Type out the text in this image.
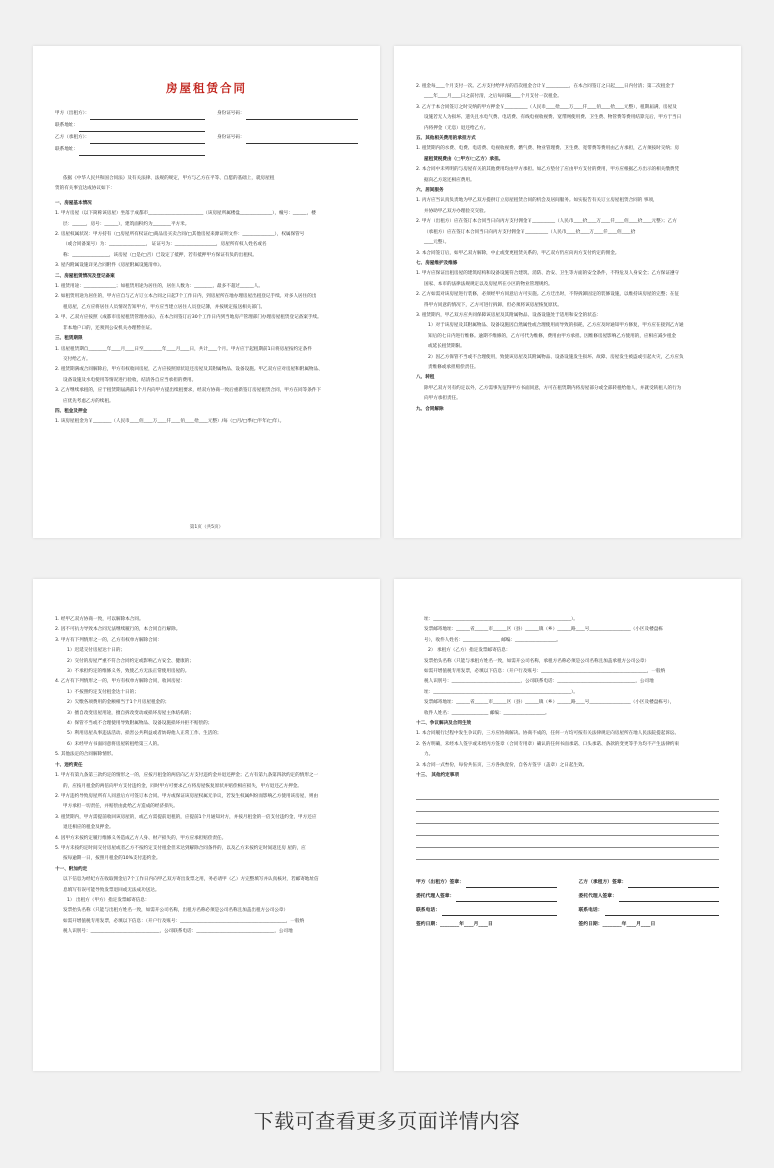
房屋租赁合同
甲方（出租方）：	身份证号码：
联系地址：
乙方（承租方）：	身份证号码：
联系地址：
依据《中华人民共和国合同法》及有关法律、法规的规定，甲方与乙方在平等、自愿的基础上，就房屋租
赁的有关事宜达成协议如下：
一、房屋基本情况
1. 甲方房屋（以下简称该房屋）坐落于成都市________________________（该房屋所属楼盘______________），幢号：______，楼
层：______，房号：______），建筑面积约为________平方米。
2. 房屋权属状况：甲方持有（□房屋所有权证/□商品房买卖合同/□其他房屋来源证明文件：______________），权属保管号
（或合同备案号）为：________________， 证证号为：__________________，房屋所有权人姓名或名
称：________________，该房屋（□是/□否）已设定了抵押，若有抵押甲方保证有负的出租权。
3. 屋内附属设施详见合同附件《房屋附属设施清单》。
二、房屋租赁情况及登记备案
1. 租赁用途：______________；如租赁用途为居住的，居住人数为：________，最多不超过______人。
2. 如租赁用途为居住的，甲方应自与乙方订立本合同之日起7个工作日内，到房屋所在地办理房屋出租登记手续。对多人居住的出
租房屋，乙方应将居住人员情况告知甲方，甲方应当建立居住人员登记簿，并按规定报送相关部门。
3. 甲、乙双方应按照《成都市房屋租赁管理办法》，在本合同签订后30个工作日内到当地房产管理部门办理房屋租赁登记备案手续。
非本地户口的，还须到公安机关办理暂住证。
三、租赁期限
1. 房屋租赁期自________年____月____日至________年____月____日，共计____个月。甲方应于起租期前1日将房屋按约定条件
交付给乙方。
2. 租赁期满或合同解除后，甲方有权收回房屋，乙方应按照原状返还房屋及其附属物品、设备设施。甲乙双方应对房屋和附属物品、
设备设施及水电使用等情况进行验收，结清各自应当承担的费用。
3. 乙方继续承租的，应于租赁期届满前1个月内向甲方提出续租要求，经双方协商一致后重新签订房屋租赁合同，甲方在同等条件下
应优先考虑乙方的续租。
四、租金及押金
1. 该房屋租金为￥________（人民币____佰____万____仟____佰____拾____元整）/每（□月/□季/□半年/□年）。
第1页（共5页）
2. 租金每____个月支付一次。乙方支付给甲方的首次租金合计￥__________，在本合同签订之日起____日内付清；第二次租金于
____年____月____日之前付清，之后每间隔____个月支付一次租金。
3. 乙方于本合同签订之时交纳的甲方押金￥__________（人民币____拾____万____仟____佰____拾____元整），租期届满，房屋及
设施若无人为损坏、遗失且水电气费、电话费、有线电视收视费、宽带网使用费、卫生费、物管费等费用结算完后，甲方于当日
内将押金（无息）退还给乙方。
五、其他相关费用的承担方式
1. 租赁期内的水费、电费、电话费、电视收视费、燃气费、物业管理费、卫生费、宽带费等费用由乙方承担，乙方须按时交纳；房
屋租赁税费由（□甲方/□乙方）承担。
2. 本合同中未列明的与房屋有关的其他费用均由甲方承担。如乙方垫付了应由甲方支付的费用，甲方应根据乙方出示的相关缴费凭
据向乙方返还相应费用。
六、居间服务
1. 丙方应当认真负责地为甲乙双方提供订立房屋租赁合同的机会及居间服务。如实报告有关订立房屋租赁合同的 事项，
并协助甲乙双方办理验交交验。
2. 甲方（出租方）应在签订本合同当日向丙方支付佣金￥__________（人民币____拾____万____仟____佰____拾____元整）；乙方
（承租方）应在签订本合同当日向丙方支付佣金￥__________（人民币____拾____万____仟____佰____拾
____元整）。
3. 本合同签订后，如甲乙双方解除，中止或变更租赁关系的，甲乙双方仍应向丙方支付约定的佣金。
七、房屋维护及维修
1. 甲方应保证出租房屋的建筑结构和设备设施符合建筑、消防、治安、卫生等方面的安全条件，不得危及人身安全；乙方保证遵守
国家、本市的法律法规规定以及房屋所在小区的物业管理规约。
2. 乙方如需对该房屋进行装修，必须经甲方同意后方可实施。乙方迁出时，不得拆卸固定的装修设施，以维持该房屋的完整；在征
得甲方同意的情况下，乙方可进行拆卸，但必须将该房屋恢复原状。
3. 租赁期内，甲乙双方应共同保障该房屋及其附属物品、设备设施处于适用和安全的状态：
1）对于该房屋及其附属物品、设备设施因自然属性或合理使用而导致的损耗，乙方应及时通知甲方修复，甲方应在接到乙方通
知后的七日内进行维修。逾期不维修的，乙方可代为维修，费用由甲方承担。因维修房屋影响乙方使用的，应相应减少租金
或延长租赁期限。
2）因乙方保管不当或不合理使用，致使该房屋及其附属物品、设备设施发生损坏、故障、房屋发生被盗或引起火灾，乙方应负
责维修或承担赔偿责任。
八、转租
除甲乙双方另有约定以外，乙方需事先征得甲方书面同意，方可在租赁期内将房屋部分或全部转租给他人，并就受转租人的行为
向甲方承担责任。
九、合同解除
1. 经甲乙双方协商一致，可以解除本合同。
2. 因不可抗力导致本合同无法继续履行的，本合同自行解除。
3. 甲方有下列情形之一的，乙方有权单方解除合同：
1）迟延交付房屋达十日的；
2）交付的房屋严重不符合合同约定或影响乙方安全、健康的；
3）不承担约定的维修义务，致使乙方无法正常使用房屋的。
4. 乙方有下列情形之一的，甲方有权单方解除合同，收回房屋：
1）不按照约定支付租金达十日的；
2）欠缴各项费用的金额相当于1个月房屋租金的；
3）擅自改变房屋用途，擅自拆改变动或损坏房屋主体结构的；
4）保管不当或不合理使用导致附属物品、设备设施损坏并拒不赔偿的；
5）利用房屋从事违法活动、损害公共利益或者妨碍他人正常工作、生活的；
6）未经甲方书面同意将房屋转租给第三人的。
5. 其他法定的合同解除情形。
十、违约责任
1. 甲方有第九条第三款约定的情形之一的，应按月租金的两倍向乙方支付违约金并退还押金；乙方有第九条第四款约定的情形之一
的，应按月租金的两倍向甲方支付违约金，同时甲方可要求乙方将房屋恢复原状并赔偿相应损失，甲方退还乙方押金。
2. 甲方违约导致房屋所有人同意后方可签订本合同。甲方或保证该房屋权属无争议，若发生权属纠纷而影响乙方使用该房屋，则由
甲方承担一切责任，并赔偿由此给乙方造成的经济损失。
3. 租赁期内，甲方需提前收回该房屋的，或乙方需提前退租的，应提前1个月通知对方，并按月租金的一倍支付违约金，甲方还应
退还相应的租金及押金。
4. 因甲方未按约定履行维修义务造成乙方人身、财产损失的，甲方应承担赔偿责任。
5. 甲方未按约定时间交付房屋或者乙方不按约定支付租金但未达到解除合同条件的，以及乙方未按约定时间返还房 屋的，应
按每逾期一日，按照月租金的10%支付违约金。
十一、附加约定
以下信息为经纪方在收取佣金后7个工作日内向甲乙双方寄出发票之用，务必请甲（乙）方完整填写并认真核对，若邮寄地址信
息填写有误可能导致发票退回或无法成功送达。
1） 出租方（甲方）指定发票邮寄信息：
发票抬头名称（只能与出租方姓名一致，如需开公司名称，出租方名称必须是公司名称且加盖出租方公司公章）
如需开增值税专用发票，必填以下信息：（开户行及账号：______________________________________________，一般纳
税人识别号：______________________________，公司联系电话：__________________________________，公司地
址：____________________________________________________________）。
发票邮寄地址：______省______市______区（县）______镇（乡）______路____号__________________（小区及楼盘栋
号），收件人姓名：________________ 邮编：__________________。
2） 承租方（乙方）指定发票邮寄信息：
发票抬头名称（只能与承租方姓名一致，如需开公司名称，承租方名称必须是公司名称且加盖承租方公司公章）
如需开增值税专用发票，必填以下信息：（开户行及账号：______________________________________________，一般纳
税人识别号：______________________________，公司联系电话：__________________________________，公司地
址：____________________________________________________________）。
发票邮寄地址：______省______市______区（县）______镇（乡）______路____号__________________（小区及楼盘栋号），
收件人姓名：________________ 邮编：__________________。
十二、争议解决及合同生效
1. 本合同履行过程中发生争议的，三方应协商解决。协商不成的，任何一方均可按有关法律规定向房屋所在地人民法院提起诉讼。
2. 各方明确，未经本人签字或未经丙方签章（合同专用章）确认的任何书面承诺、口头承诺、条款的变更等手为均不产生法律约束
力。
3. 本合同一式叁份，每份共伍页，三方各执壹份，自各方签字（盖章）之日起生效。
十三、 其他约定事项
甲方（出租方）签章：	乙方（承租方）签章：
委托代理人签章：	委托代理人签章：
联系电话：	联系电话：
签约日期：________年____月____日	签约日期：________年____月____日
下载可查看更多页面详情内容
